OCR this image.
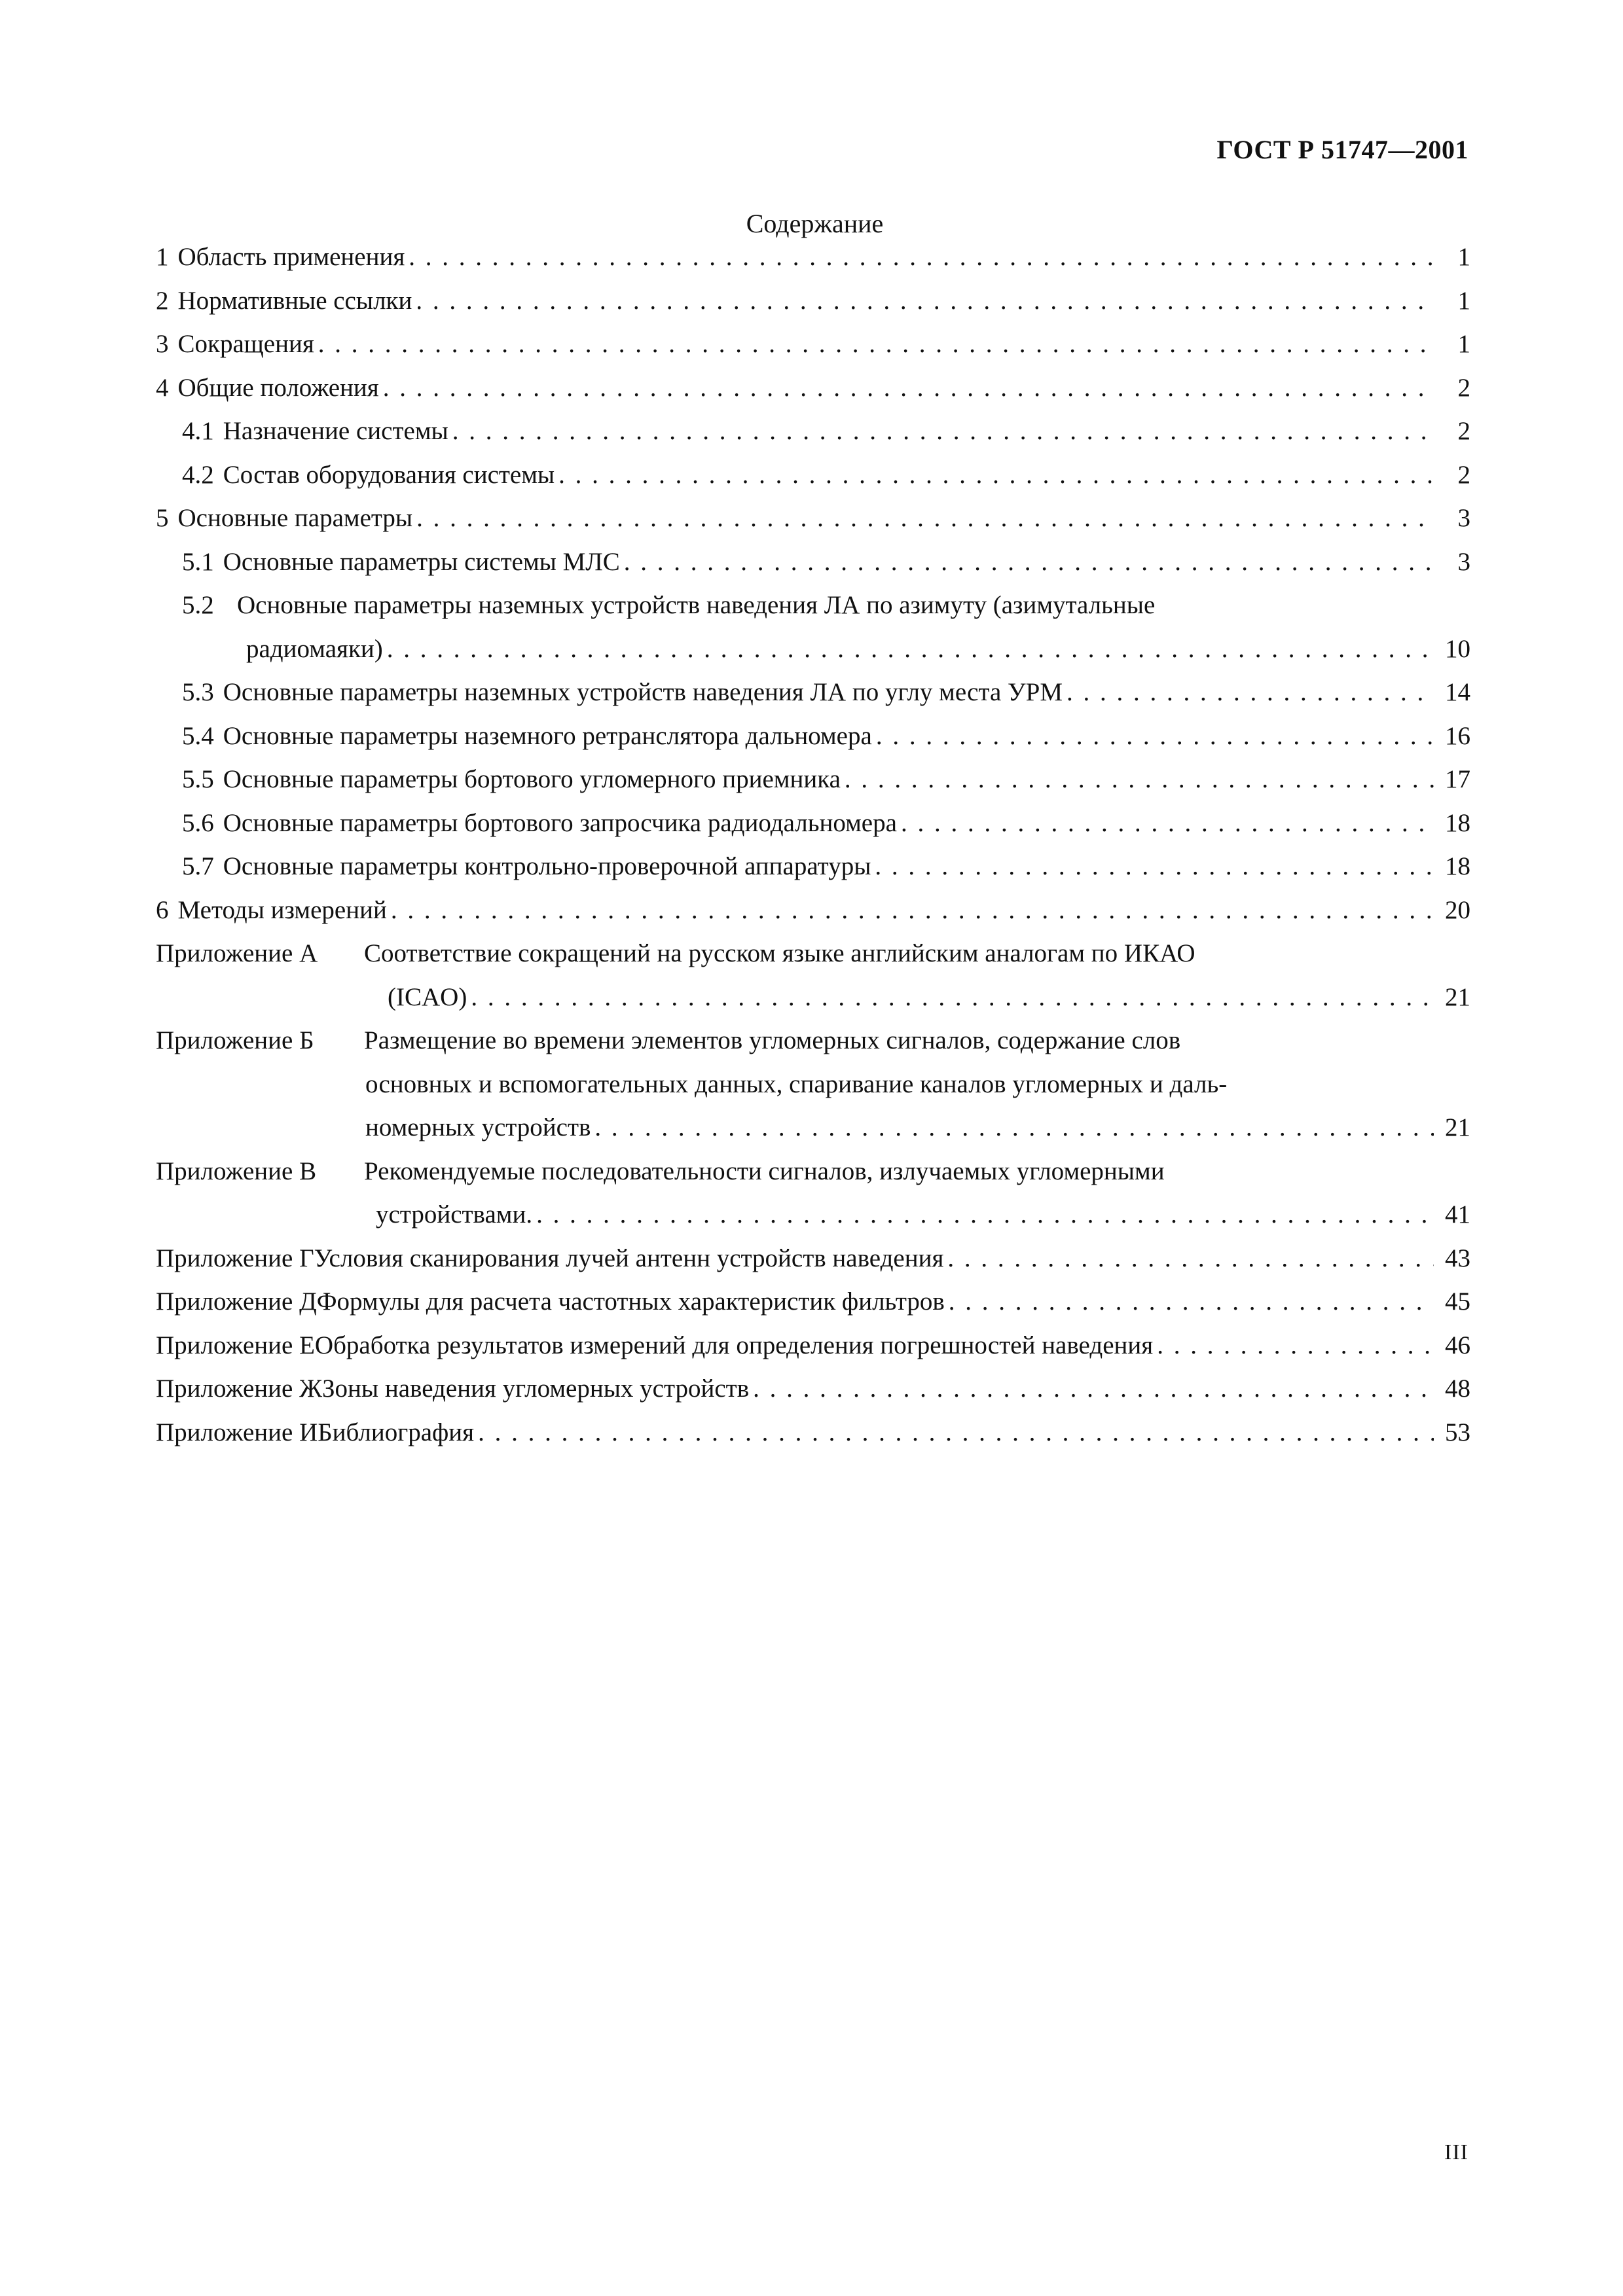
ГОСТ Р 51747—2001
Содержание
1 Область применения . . .	1
2 Нормативные ссылки . . .	1
3 Сокращения . . .	1
4 Общие положения . . .	2
4.1 Назначение системы . . .	2
4.2 Состав оборудования системы . . .	2
5 Основные параметры . . .	3
5.1 Основные параметры системы МЛС . . .	3
5.2 Основные параметры наземных устройств наведения ЛА по азимуту (азимутальные
радиомаяки) . . .	10
5.3 Основные параметры наземных устройств наведения ЛА по углу места УРМ . . .	14
5.4 Основные параметры наземного ретранслятора дальномера . . .	16
5.5 Основные параметры бортового угломерного приемника . . .	17
5.6 Основные параметры бортового запросчика радиодальномера . . .	18
5.7 Основные параметры контрольно-проверочной аппаратуры . . .	18
6 Методы измерений . . .	20
Приложение А	Соответствие сокращений на русском языке английским аналогам по ИКАО
(ICAO) . . .	21
Приложение Б	Размещение во времени элементов угломерных сигналов, содержание слов
основных и вспомогательных данных, спаривание каналов угломерных и даль-
номерных устройств . . .	21
Приложение В	Рекомендуемые последовательности сигналов, излучаемых угломерными
устройствами. . . .	41
Приложение Г Условия сканирования лучей антенн устройств наведения . . .	43
Приложение Д Формулы для расчета частотных характеристик фильтров . . .	45
Приложение Е Обработка результатов измерений для определения погрешностей наведения . . .	46
Приложение Ж Зоны наведения угломерных устройств . . .	48
Приложение И Библиография . . .	53
III
